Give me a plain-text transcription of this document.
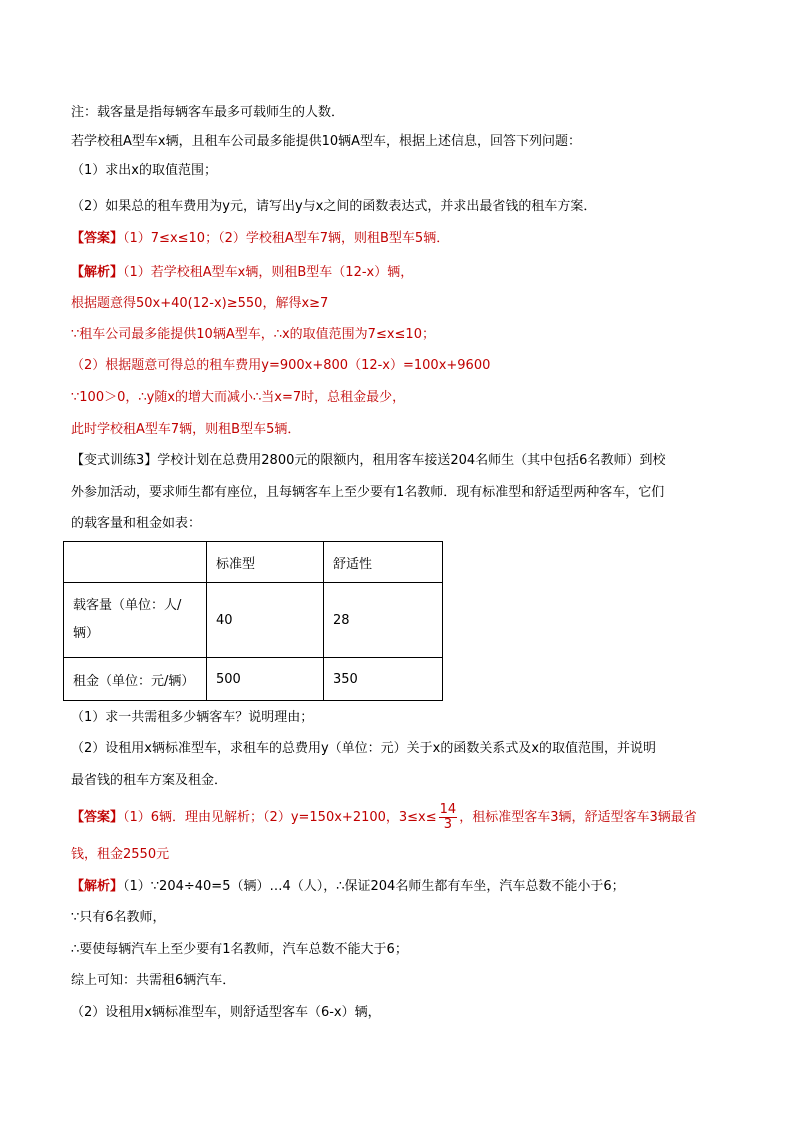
注：载客量是指每辆客车最多可载师生的人数．
若学校租A型车x辆，且租车公司最多能提供10辆A型车，根据上述信息，回答下列问题：
（1）求出x的取值范围；
（2）如果总的租车费用为y元，请写出y与x之间的函数表达式，并求出最省钱的租车方案．
【答案】（1）7≤x≤10；（2）学校租A型车7辆，则租B型车5辆．
【解析】（1）若学校租A型车x辆，则租B型车（12-x）辆，
根据题意得50x+40(12-x)≥550，解得x≥7
∵租车公司最多能提供10辆A型车，∴x的取值范围为7≤x≤10；
（2）根据题意可得总的租车费用y=900x+800（12-x）=100x+9600
∵100＞0，∴y随x的增大而减小∴当x=7时，总租金最少，
此时学校租A型车7辆，则租B型车5辆．
【变式训练3】学校计划在总费用2800元的限额内，租用客车接送204名师生（其中包括6名教师）到校
外参加活动，要求师生都有座位，且每辆客车上至少要有1名教师．现有标准型和舒适型两种客车，它们
的载客量和租金如表：
	标准型	舒适性

载客量（单位：人/
辆）	40	28
租金（单位：元/辆）	500	350
（1）求一共需租多少辆客车？说明理由；
（2）设租用x辆标准型车，求租车的总费用y（单位：元）关于x的函数关系式及x的取值范围，并说明
最省钱的租车方案及租金．
【答案】（1）6辆．理由见解析；（2）y=150x+2100，$3\le x\le \frac{14}{3}$ ，租标准型客车3辆，舒适型客车3辆最省
钱，租金2550元
【解析】（1）∵204÷40=5（辆）…4（人），∴保证204名师生都有车坐，汽车总数不能小于6；
∵只有6名教师，
∴要使每辆汽车上至少要有1名教师，汽车总数不能大于6；
综上可知：共需租6辆汽车．
（2）设租用x辆标准型车，则舒适型客车（6-x）辆，
